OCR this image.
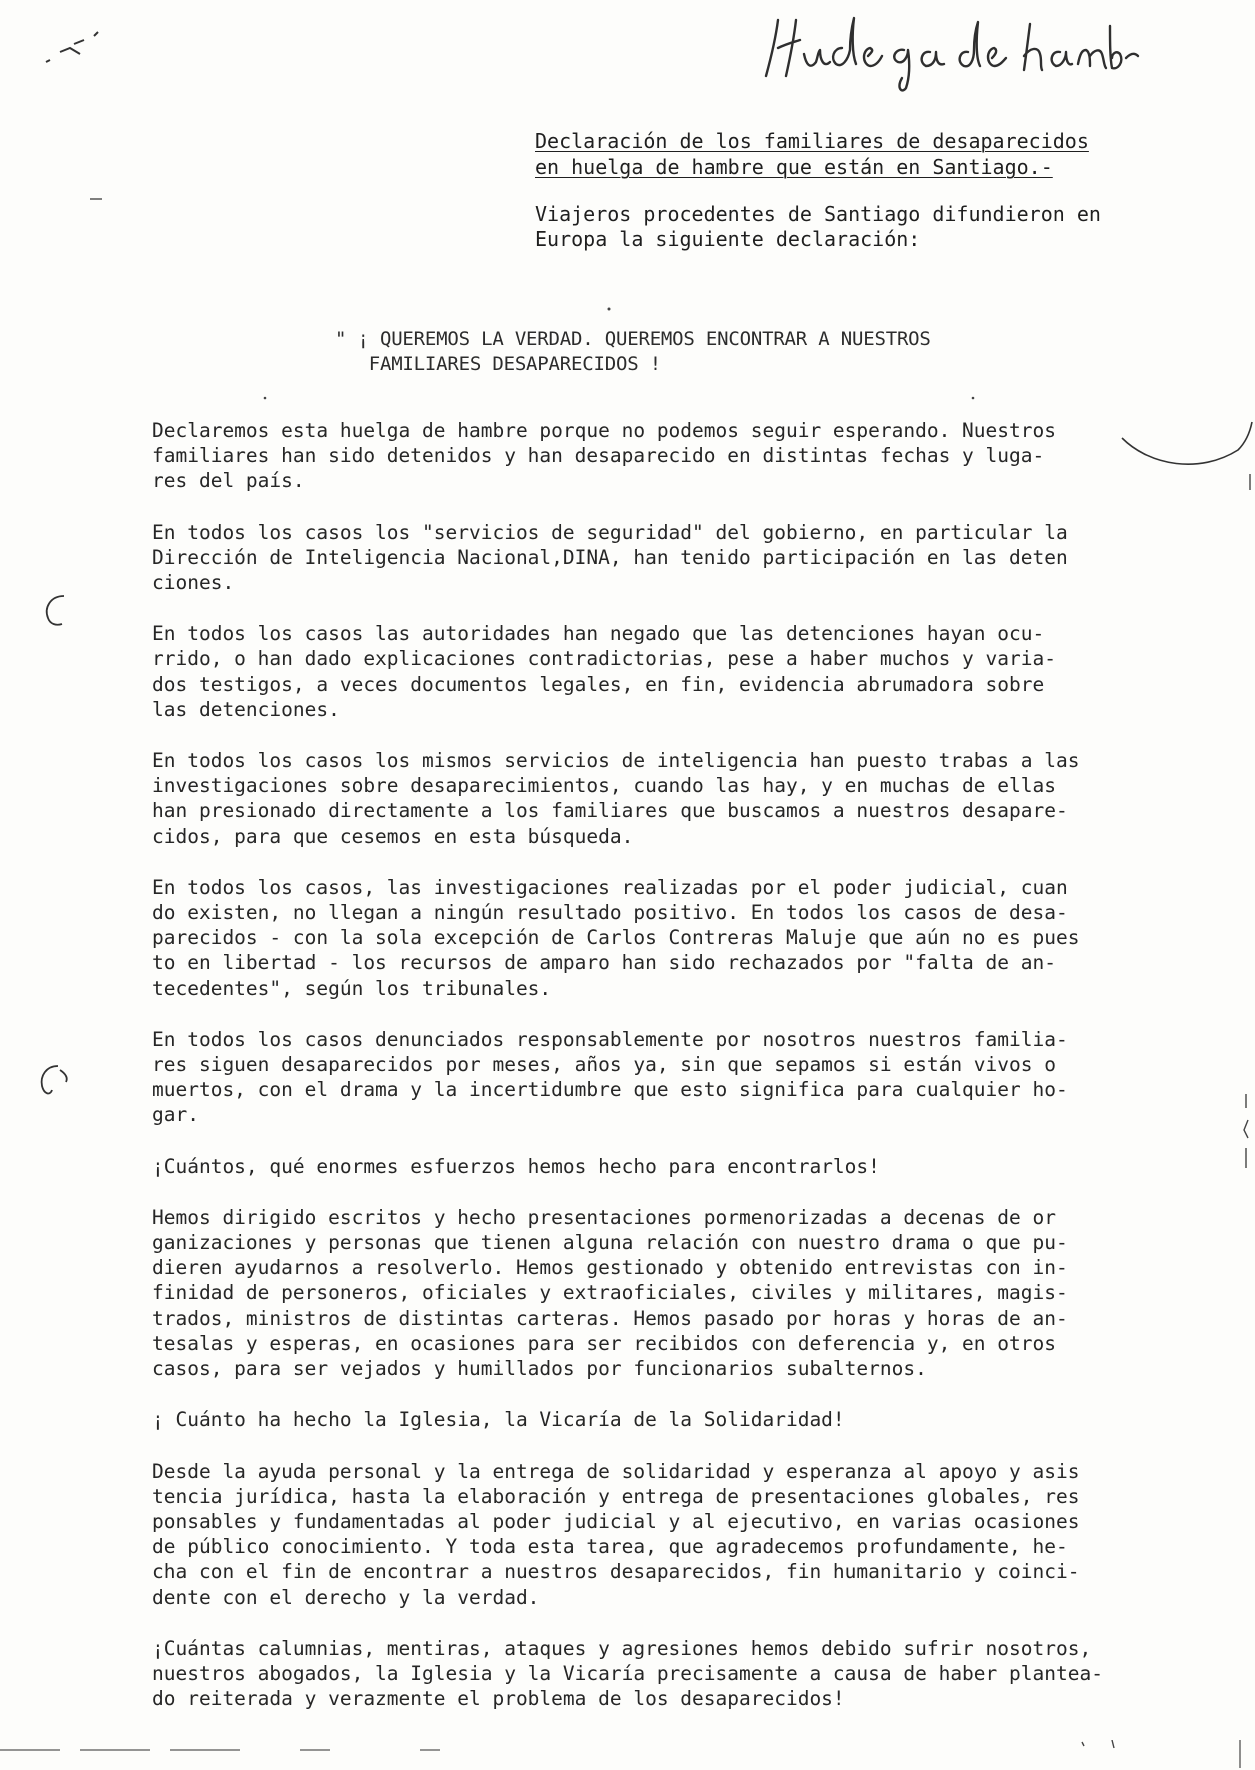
Declaración de los familiares de desaparecidos
en huelga de hambre que están en Santiago.-
Viajeros procedentes de Santiago difundieron en
Europa la siguiente declaración:
" ¡ QUEREMOS LA VERDAD. QUEREMOS ENCONTRAR A NUESTROS
FAMILIARES DESAPARECIDOS !
Declaremos esta huelga de hambre porque no podemos seguir esperando. Nuestros
familiares han sido detenidos y han desaparecido en distintas fechas y luga-
res del país.
En todos los casos los "servicios de seguridad" del gobierno, en particular la
Dirección de Inteligencia Nacional,DINA, han tenido participación en las deten
ciones.
En todos los casos las autoridades han negado que las detenciones hayan ocu-
rrido, o han dado explicaciones contradictorias, pese a haber muchos y varia-
dos testigos, a veces documentos legales, en fin, evidencia abrumadora sobre
las detenciones.
En todos los casos los mismos servicios de inteligencia han puesto trabas a las
investigaciones sobre desaparecimientos, cuando las hay, y en muchas de ellas
han presionado directamente a los familiares que buscamos a nuestros desapare-
cidos, para que cesemos en esta búsqueda.
En todos los casos, las investigaciones realizadas por el poder judicial, cuan
do existen, no llegan a ningún resultado positivo. En todos los casos de desa-
parecidos - con la sola excepción de Carlos Contreras Maluje que aún no es pues
to en libertad - los recursos de amparo han sido rechazados por "falta de an-
tecedentes", según los tribunales.
En todos los casos denunciados responsablemente por nosotros nuestros familia-
res siguen desaparecidos por meses, años ya, sin que sepamos si están vivos o
muertos, con el drama y la incertidumbre que esto significa para cualquier ho-
gar.
¡Cuántos, qué enormes esfuerzos hemos hecho para encontrarlos!
Hemos dirigido escritos y hecho presentaciones pormenorizadas a decenas de or
ganizaciones y personas que tienen alguna relación con nuestro drama o que pu-
dieren ayudarnos a resolverlo. Hemos gestionado y obtenido entrevistas con in-
finidad de personeros, oficiales y extraoficiales, civiles y militares, magis-
trados, ministros de distintas carteras. Hemos pasado por horas y horas de an-
tesalas y esperas, en ocasiones para ser recibidos con deferencia y, en otros
casos, para ser vejados y humillados por funcionarios subalternos.
¡ Cuánto ha hecho la Iglesia, la Vicaría de la Solidaridad!
Desde la ayuda personal y la entrega de solidaridad y esperanza al apoyo y asis
tencia jurídica, hasta la elaboración y entrega de presentaciones globales, res
ponsables y fundamentadas al poder judicial y al ejecutivo, en varias ocasiones
de público conocimiento. Y toda esta tarea, que agradecemos profundamente, he-
cha con el fin de encontrar a nuestros desaparecidos, fin humanitario y coinci-
dente con el derecho y la verdad.
¡Cuántas calumnias, mentiras, ataques y agresiones hemos debido sufrir nosotros,
nuestros abogados, la Iglesia y la Vicaría precisamente a causa de haber plantea-
do reiterada y verazmente el problema de los desaparecidos!
